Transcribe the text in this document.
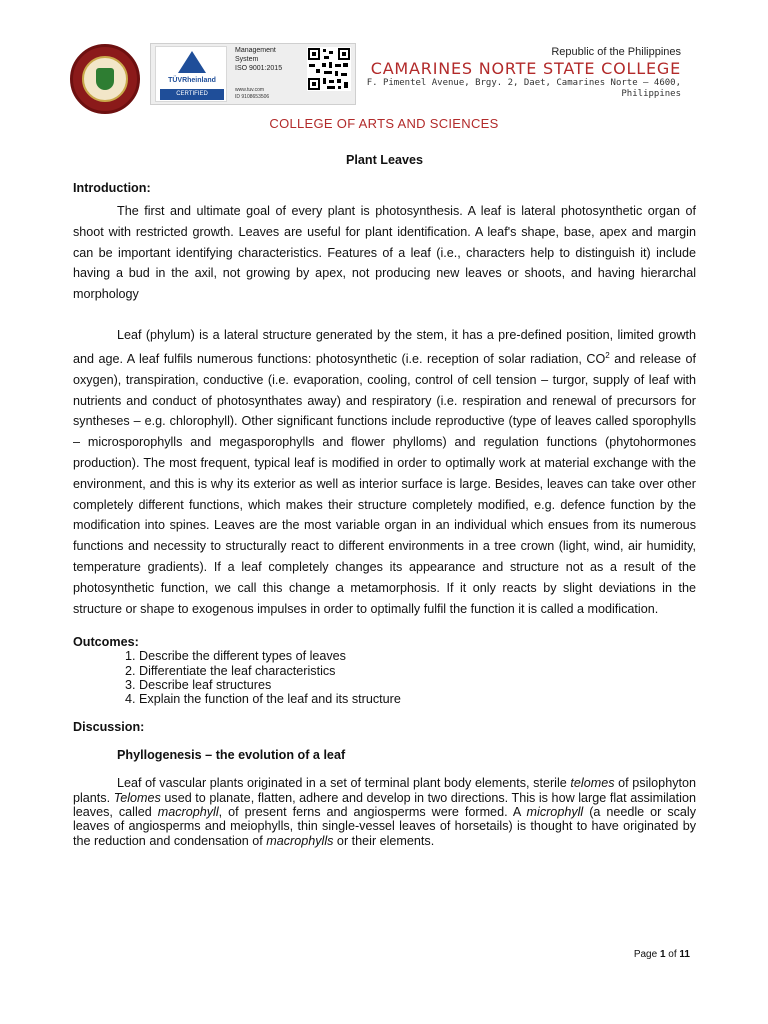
TÜVRheinland
CERTIFIED
Management
System
ISO 9001:2015
www.tuv.com
ID 9108653506
Republic of the Philippines
CAMARINES NORTE STATE COLLEGE
F. Pimentel Avenue, Brgy. 2, Daet, Camarines Norte – 4600,
Philippines
COLLEGE OF ARTS AND SCIENCES
Plant Leaves
Introduction:

The first and ultimate goal of every plant is photosynthesis. A leaf is lateral photosynthetic organ of shoot with restricted growth. Leaves are useful for plant identification. A leaf's shape, base, apex and margin can be important identifying characteristics. Features of a leaf (i.e., characters help to distinguish it) include having a bud in the axil, not growing by apex, not producing new leaves or shoots, and having hierarchal morphology

Leaf (phylum) is a lateral structure generated by the stem, it has a pre-defined position, limited growth and age. A leaf fulfils numerous functions: photosynthetic (i.e. reception of solar radiation, $CO^2$ and release of oxygen), transpiration, conductive (i.e. evaporation, cooling, control of cell tension – turgor, supply of leaf with nutrients and conduct of photosynthates away) and respiratory (i.e. respiration and renewal of precursors for syntheses – e.g. chlorophyll). Other significant functions include reproductive (type of leaves called sporophylls – microsporophylls and megasporophylls and flower phylloms) and regulation functions (phytohormones production). The most frequent, typical leaf is modified in order to optimally work at material exchange with the environment, and this is why its exterior as well as interior surface is large. Besides, leaves can take over other completely different functions, which makes their structure completely modified, e.g. defence function by the modification into spines. Leaves are the most variable organ in an individual which ensues from its numerous functions and necessity to structurally react to different environments in a tree crown (light, wind, air humidity, temperature gradients). If a leaf completely changes its appearance and structure not as a result of the photosynthetic function, we call this change a metamorphosis. If it only reacts by slight deviations in the structure or shape to exogenous impulses in order to optimally fulfil the function it is called a modification.

Outcomes:
1. Describe the different types of leaves
2. Differentiate the leaf characteristics
3. Describe leaf structures
4. Explain the function of the leaf and its structure
Discussion:
Phyllogenesis – the evolution of a leaf

Leaf of vascular plants originated in a set of terminal plant body elements, sterile telomes of psilophyton plants. Telomes used to planate, flatten, adhere and develop in two directions. This is how large flat assimilation leaves, called macrophyll, of present ferns and angiosperms were formed. A microphyll (a needle or scaly leaves of angiosperms and meiophylls, thin single-vessel leaves of horsetails) is thought to have originated by the reduction and condensation of macrophylls or their elements.

Page 1 of 11
